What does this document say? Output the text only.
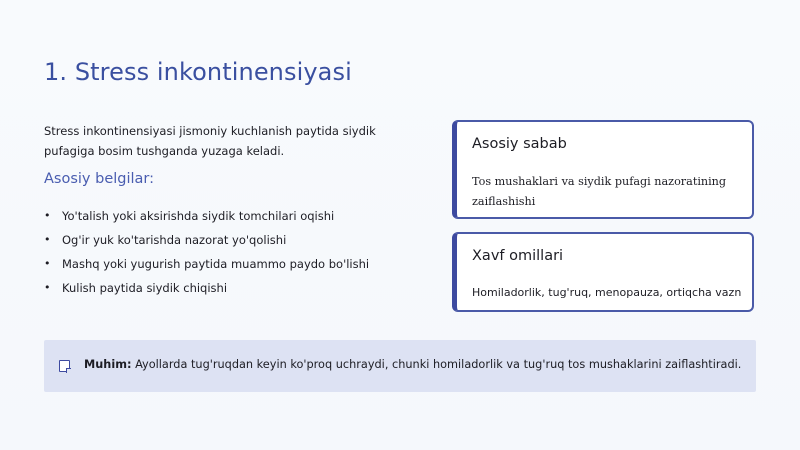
1. Stress inkontinensiyasi
Stress inkontinensiyasi jismoniy kuchlanish paytida siydik pufagiga bosim tushganda yuzaga keladi.
Asosiy belgilar:
• Yo'talish yoki aksirishda siydik tomchilari oqishi
• Og'ir yuk ko'tarishda nazorat yo'qolishi
• Mashq yoki yugurish paytida muammo paydo bo'lishi
• Kulish paytida siydik chiqishi
Asosiy sabab
Tos mushaklari va siydik pufagi nazoratining zaiflashishi
Xavf omillari
Homiladorlik, tug'ruq, menopauza, ortiqcha vazn
Muhim: Ayollarda tug'ruqdan keyin ko'proq uchraydi, chunki homiladorlik va tug'ruq tos mushaklarini zaiflashtiradi.
